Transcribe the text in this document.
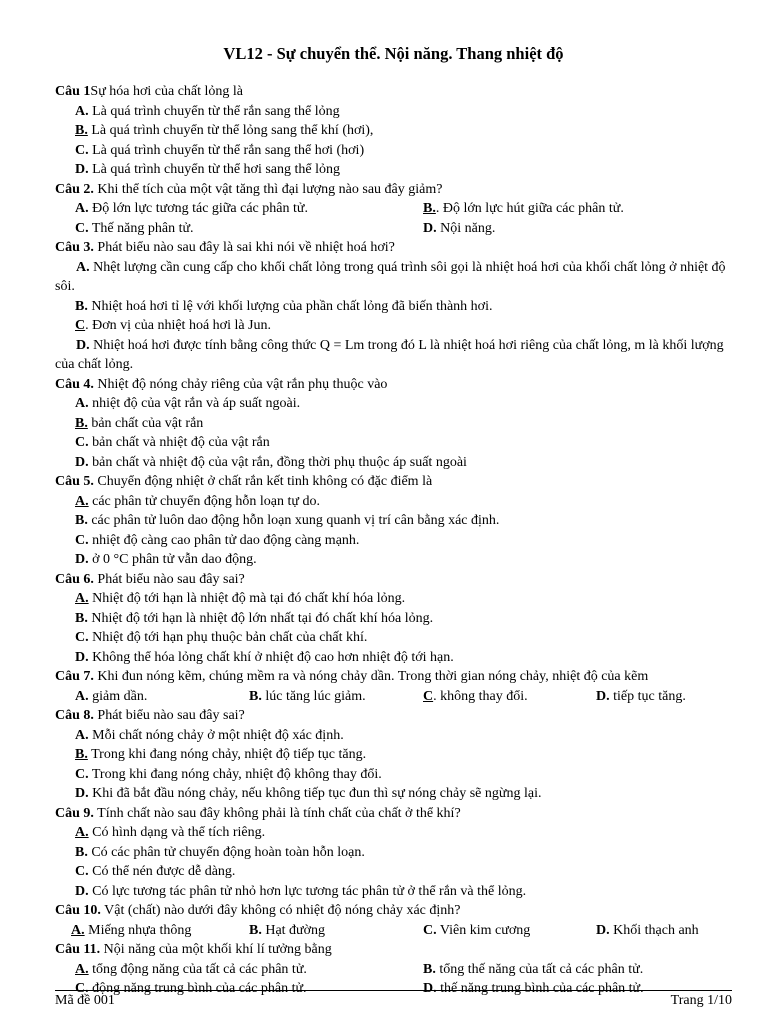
VL12 - Sự chuyển thể. Nội năng. Thang nhiệt độ
Câu 1Sự hóa hơi của chất lỏng là
A. Là quá trình chuyển từ thể rắn sang thể lỏng
B. Là quá trình chuyển từ thể lỏng sang thể khí (hơi),
C. Là quá trình chuyển từ thể rắn sang thể hơi (hơi)
D. Là quá trình chuyển từ thể hơi sang thể lỏng
Câu 2. Khi thể tích của một vật tăng thì đại lượng nào sau đây giảm?
A. Độ lớn lực tương tác giữa các phân tử.	B.. Độ lớn lực hút giữa các phân tử.
C. Thế năng phân tử.	D. Nội năng.
Câu 3. Phát biểu nào sau đây là sai khi nói về nhiệt hoá hơi?
A. Nhệt lượng cần cung cấp cho khối chất lỏng trong quá trình sôi gọi là nhiệt hoá hơi của khối chất lỏng ở nhiệt độ sôi.
B. Nhiệt hoá hơi tỉ lệ với khối lượng của phần chất lỏng đã biến thành hơi.
C. Đơn vị của nhiệt hoá hơi là Jun.
D. Nhiệt hoá hơi được tính bằng công thức Q = Lm trong đó L là nhiệt hoá hơi riêng của chất lỏng, m là khối lượng của chất lỏng.
Câu 4. Nhiệt độ nóng chảy riêng của vật rắn phụ thuộc vào
A. nhiệt độ của vật rắn và áp suất ngoài.
B. bản chất của vật rắn
C. bản chất và nhiệt độ của vật rắn
D. bản chất và nhiệt độ của vật rắn, đồng thời phụ thuộc áp suất ngoài
Câu 5. Chuyển động nhiệt ở chất rắn kết tinh không có đặc điểm là
A. các phân tử chuyển động hỗn loạn tự do.
B. các phân tử luôn dao động hỗn loạn xung quanh vị trí cân bằng xác định.
C. nhiệt độ càng cao phân tử dao động càng mạnh.
D. ở 0 °C phân tử vẫn dao động.
Câu 6. Phát biểu nào sau đây sai?
A. Nhiệt độ tới hạn là nhiệt độ mà tại đó chất khí hóa lỏng.
B. Nhiệt độ tới hạn là nhiệt độ lớn nhất tại đó chất khí hóa lỏng.
C. Nhiệt độ tới hạn phụ thuộc bản chất của chất khí.
D. Không thể hóa lỏng chất khí ở nhiệt độ cao hơn nhiệt độ tới hạn.
Câu 7. Khi đun nóng kẽm, chúng mềm ra và nóng chảy dần. Trong thời gian nóng chảy, nhiệt độ của kẽm
A. giảm dần.	B. lúc tăng lúc giảm.	C. không thay đổi.	D. tiếp tục tăng.
Câu 8. Phát biểu nào sau đây sai?
A. Mỗi chất nóng chảy ở một nhiệt độ xác định.
B. Trong khi đang nóng chảy, nhiệt độ tiếp tục tăng.
C. Trong khi đang nóng chảy, nhiệt độ không thay đổi.
D. Khi đã bắt đầu nóng chảy, nếu không tiếp tục đun thì sự nóng chảy sẽ ngừng lại.
Câu 9. Tính chất nào sau đây không phải là tính chất của chất ở thể khí?
A. Có hình dạng và thể tích riêng.
B. Có các phân tử chuyển động hoàn toàn hỗn loạn.
C. Có thể nén được dễ dàng.
D. Có lực tương tác phân tử nhỏ hơn lực tương tác phân tử ở thể rắn và thể lỏng.
Câu 10. Vật (chất) nào dưới đây không có nhiệt độ nóng chảy xác định?
A. Miếng nhựa thông	B. Hạt đường	C. Viên kim cương	D. Khối thạch anh
Câu 11. Nội năng của một khối khí lí tưởng bằng
A. tổng động năng của tất cả các phân tử.	B. tổng thế năng của tất cả các phân tử.
C. động năng trung bình của các phân tử.	D. thế năng trung bình của các phân tử.
Mã đề 001	Trang 1/10
